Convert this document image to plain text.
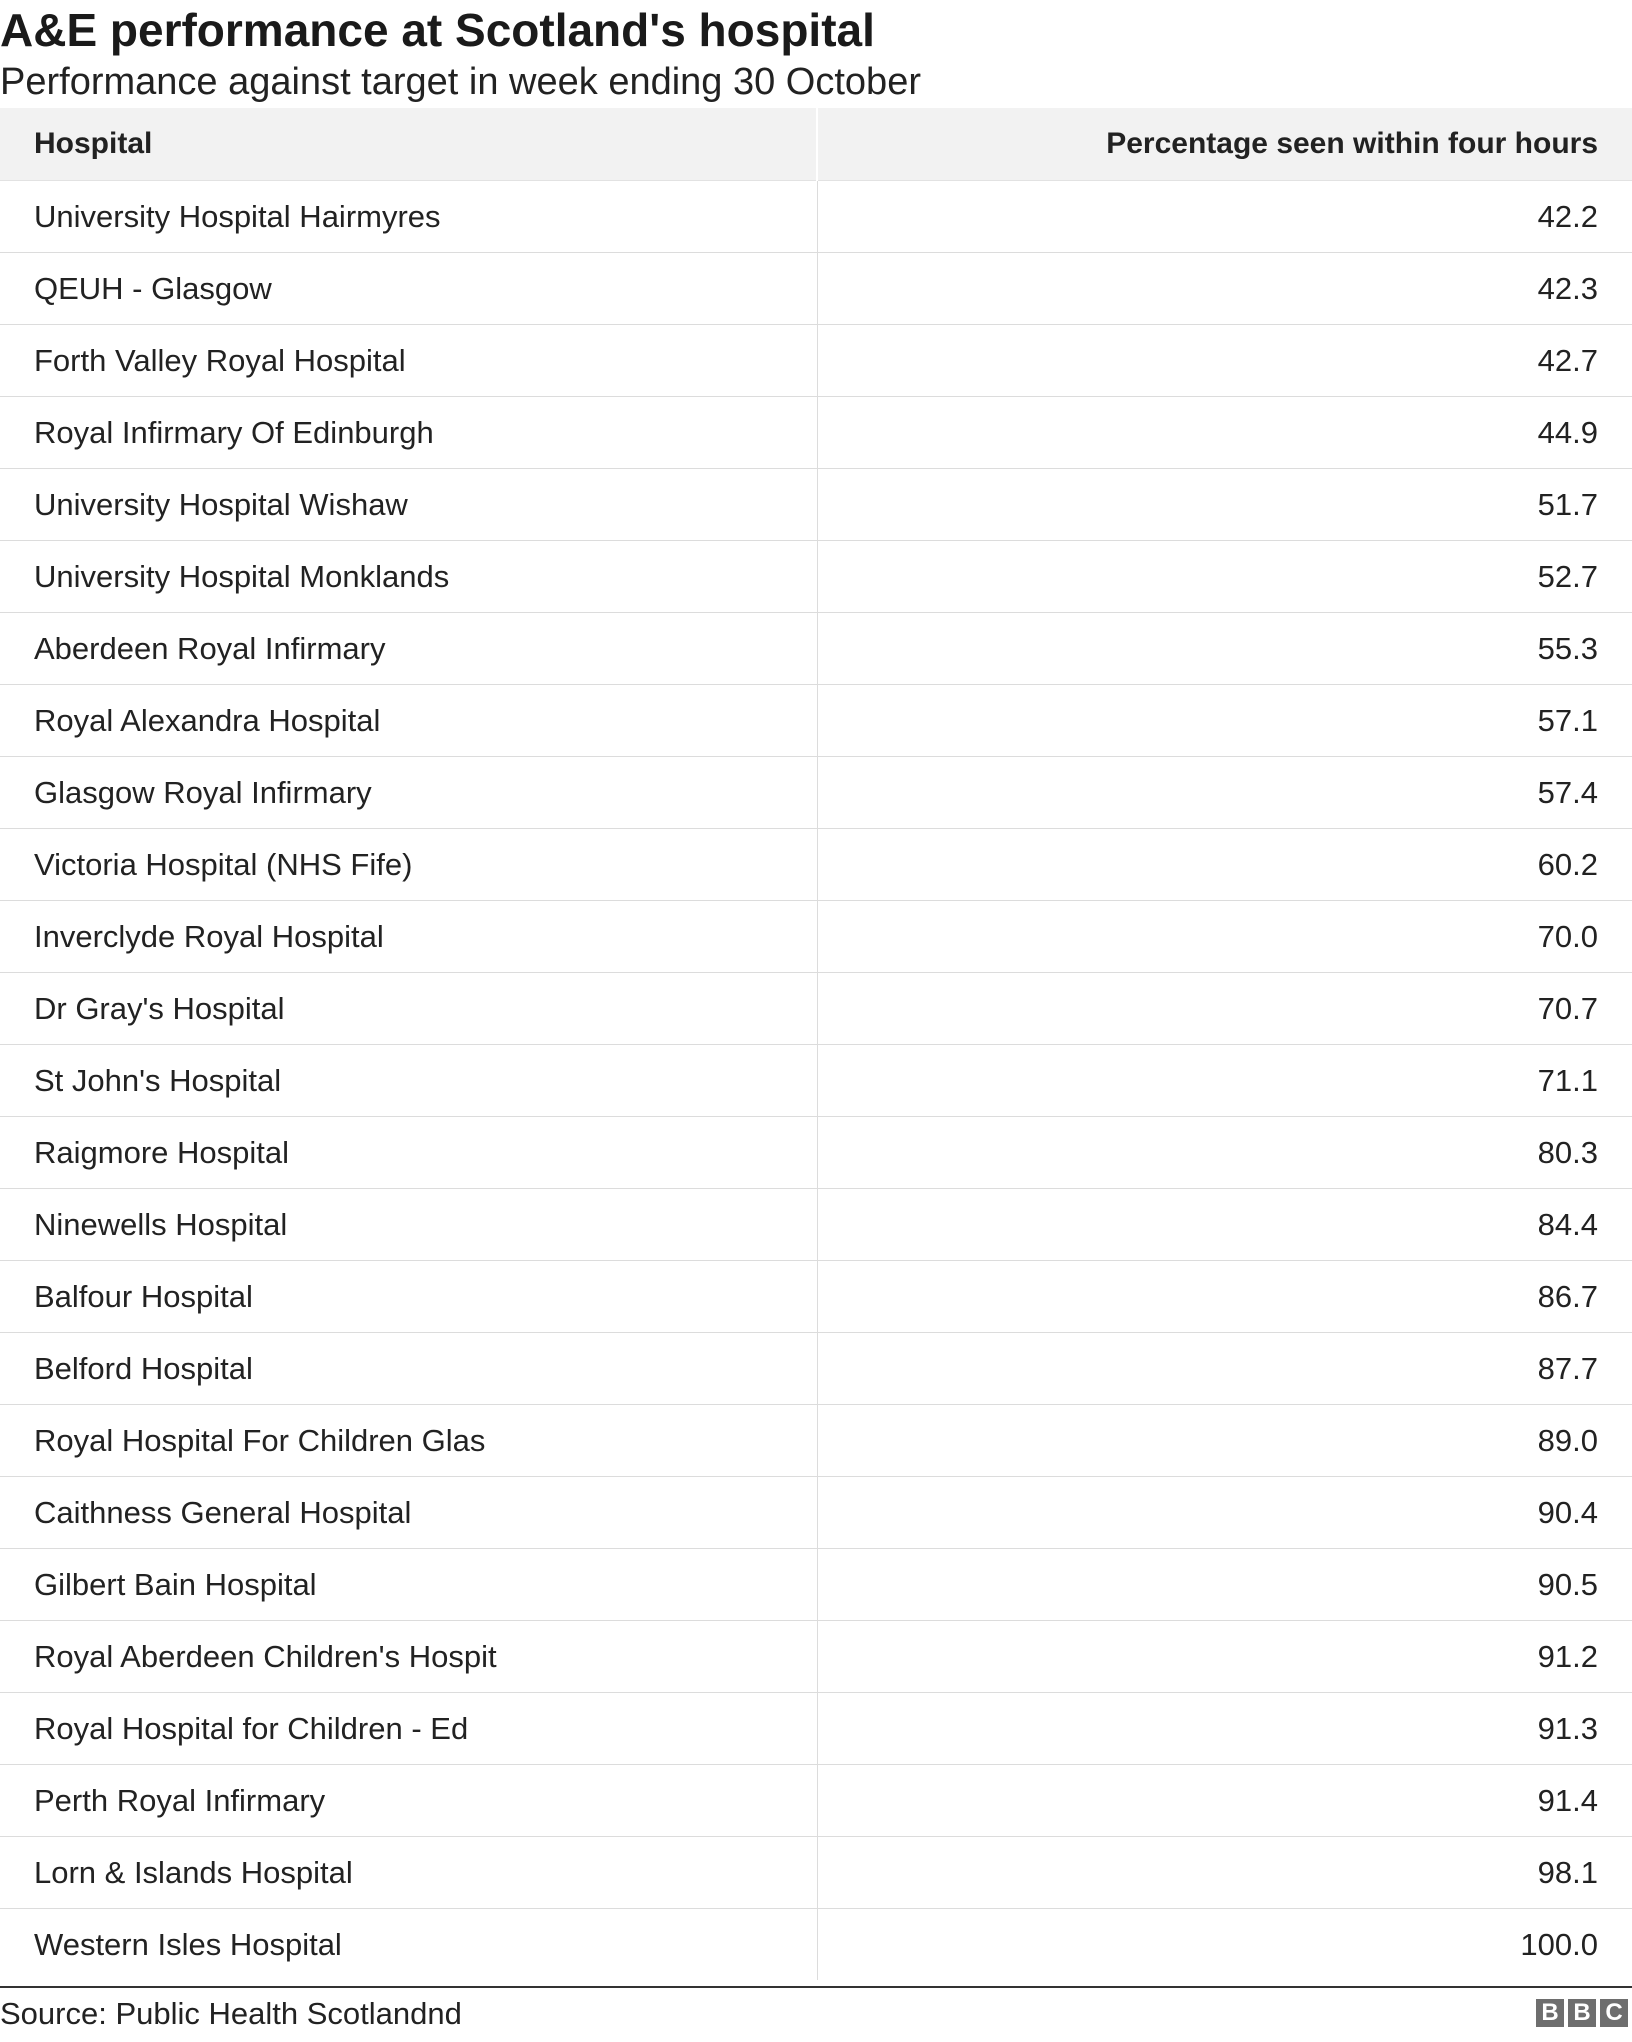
A&E performance at Scotland's hospital

Performance against target in week ending 30 October

Hospital	Percentage seen within four hours
University Hospital Hairmyres	42.2
QEUH - Glasgow	42.3
Forth Valley Royal Hospital	42.7
Royal Infirmary Of Edinburgh	44.9
University Hospital Wishaw	51.7
University Hospital Monklands	52.7
Aberdeen Royal Infirmary	55.3
Royal Alexandra Hospital	57.1
Glasgow Royal Infirmary	57.4
Victoria Hospital (NHS Fife)	60.2
Inverclyde Royal Hospital	70.0
Dr Gray's Hospital	70.7
St John's Hospital	71.1
Raigmore Hospital	80.3
Ninewells Hospital	84.4
Balfour Hospital	86.7
Belford Hospital	87.7
Royal Hospital For Children Glas	89.0
Caithness General Hospital	90.4
Gilbert Bain Hospital	90.5
Royal Aberdeen Children's Hospit	91.2
Royal Hospital for Children - Ed	91.3
Perth Royal Infirmary	91.4
Lorn & Islands Hospital	98.1
Western Isles Hospital	100.0
Source: Public Health Scotlandnd	B B C
